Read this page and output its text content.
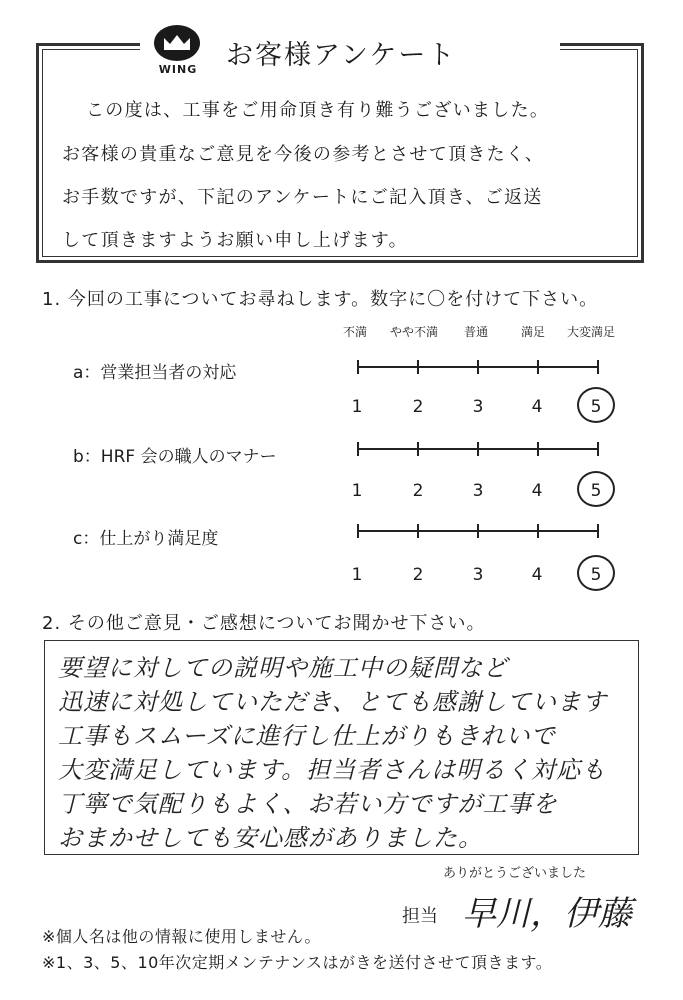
WING	お客様アンケート
この度は、工事をご用命頂き有り難うございました。
お客様の貴重なご意見を今後の参考とさせて頂きたく、
お手数ですが、下記のアンケートにご記入頂き、ご返送
して頂きますようお願い申し上げます。
1. 今回の工事についてお尋ねします。数字に〇を付けて下さい。
不満 やや不満 普通	満足 大変満足
a：営業担当者の対応
1	2	3	4	5
b：HRF 会の職人のマナー
1	2	3	4	5
c：仕上がり満足度
1	2	3	4	5
2. その他ご意見・ご感想についてお聞かせ下さい。
要望に対しての説明や施工中の疑問など
迅速に対処していただき、とても感謝しています
工事もスムーズに進行し仕上がりもきれいで
大変満足しています。担当者さんは明るく対応も
丁寧で気配りもよく、お若い方ですが工事を
おまかせしても安心感がありました。
ありがとうございました
担当 早川，伊藤
※個人名は他の情報に使用しません。
※1、3、5、10年次定期メンテナンスはがきを送付させて頂きます。
